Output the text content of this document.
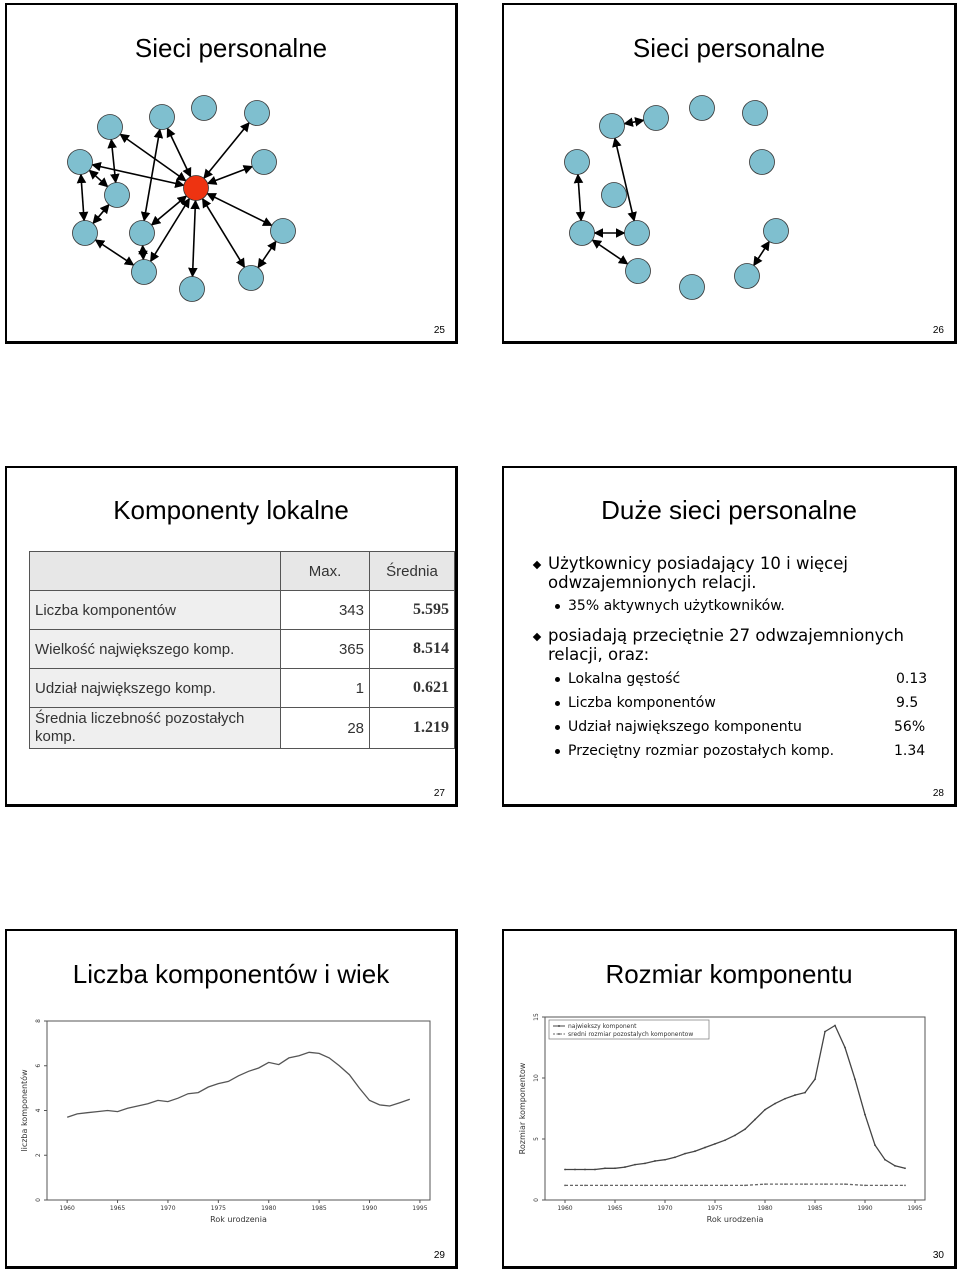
Sieci personalne
25
Sieci personalne
26
Komponenty lokalne
	Max.	Średnia
Liczba komponentów	343	5.595
Wielkość największego komp.	365	8.514
Udział największego komp.	1	0.621
Średnia liczebność pozostałych komp.	28	1.219
27
Duże sieci personalne
Użytkownicy posiadający 10 i więcej odwzajemnionych relacji.
35% aktywnych użytkowników.
posiadają przeciętnie 27 odwzajemnionych relacji, oraz:
Lokalna gęstość	0.13
Liczba komponentów	9.5
Udział największego komponentu	56%
Przeciętny rozmiar pozostałych komp.	1.34
28
Liczba komponentów i wiek
1960	1965	1970	1975	1980	1985	1990	1995
0
2
4
6
8
Rok urodzenia
liczba komponentów
29
Rozmiar komponentu
1960	1965	1970	1975	1980	1985	1990	1995
0
5
10
15
Rok urodzenia
Rozmiar komponentow
najwiekszy komponent
sredni rozmiar pozostalych komponentow
30
